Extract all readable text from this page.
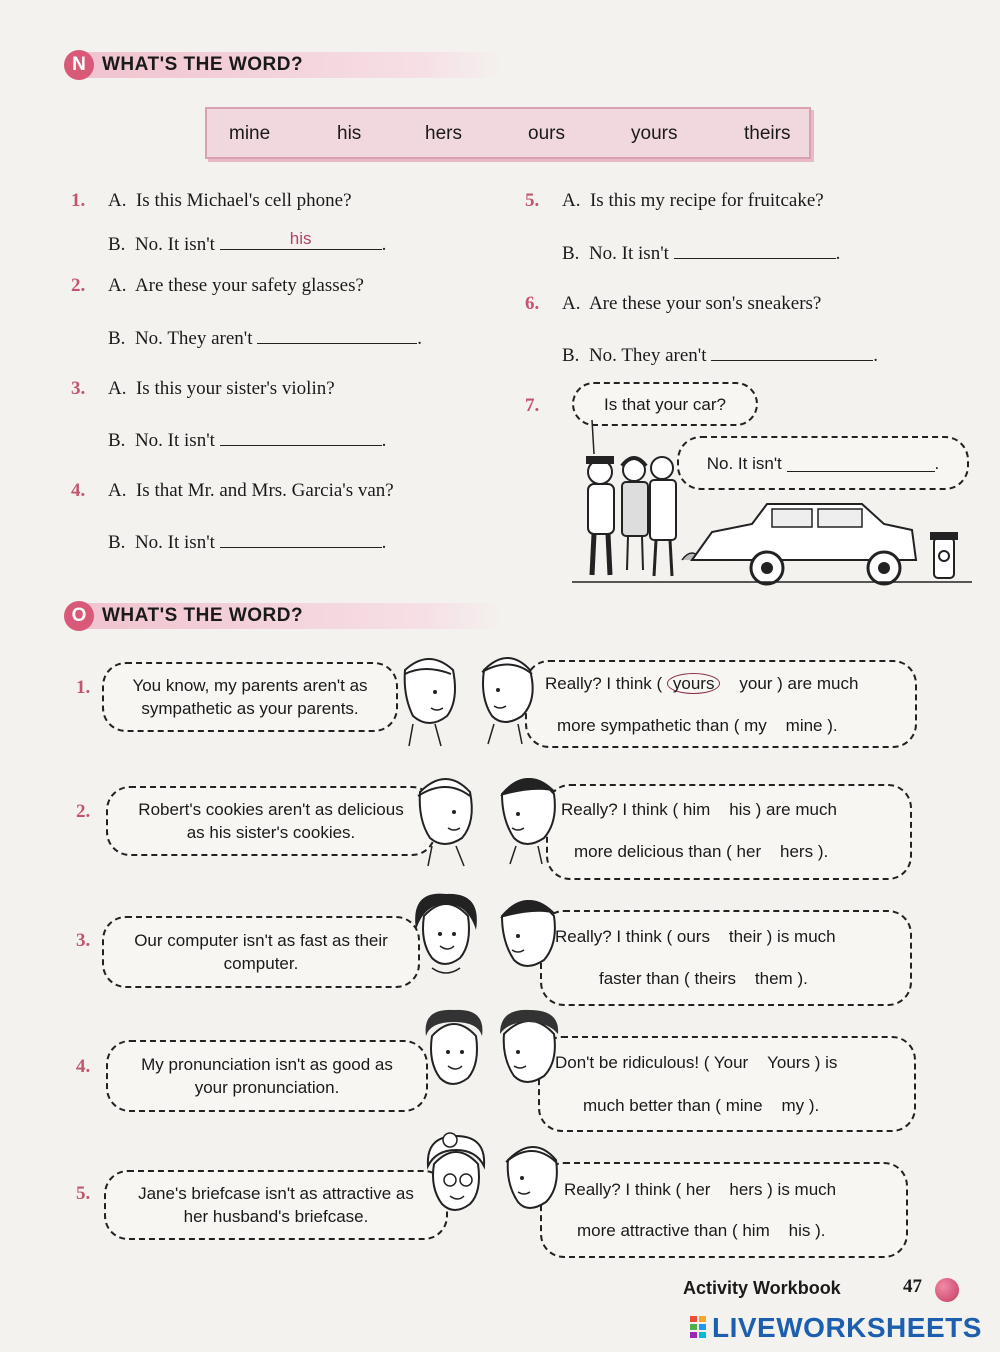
N WHAT'S THE WORD?
mine	his	hers	ours	yours	theirs
1. A. Is this Michael's cell phone?
B. No. It isn't	his	.
2. A. Are these your safety glasses?
B. No. They aren't	.
3. A. Is this your sister's violin?
B. No. It isn't	.
4. A. Is that Mr. and Mrs. Garcia's van?
B. No. It isn't	.
5. A. Is this my recipe for fruitcake?
B. No. It isn't	.
6. A. Are these your son's sneakers?
B. No. They aren't	.
7.	Is that your car?
No. It isn't
	.
O WHAT'S THE WORD?
1. You know, my parents aren't as
sympathetic as your parents.
Really? I think ( yours your ) are much
more sympathetic than ( my mine ).
2.	Robert's cookies aren't as delicious
as his sister's cookies.
Really? I think ( him his ) are much
more delicious than ( her hers ).
3.	Our computer isn't as fast as their
computer.
Really? I think ( ours their ) is much
faster than ( theirs them ).
4.	My pronunciation isn't as good as
your pronunciation.
Don't be ridiculous! ( Your Yours ) is
much better than ( mine my ).
5.	Jane's briefcase isn't as attractive as
her husband's briefcase.
Really? I think ( her hers ) is much
more attractive than ( him his ).
Activity Workbook	47
LIVEWORKSHEETS
